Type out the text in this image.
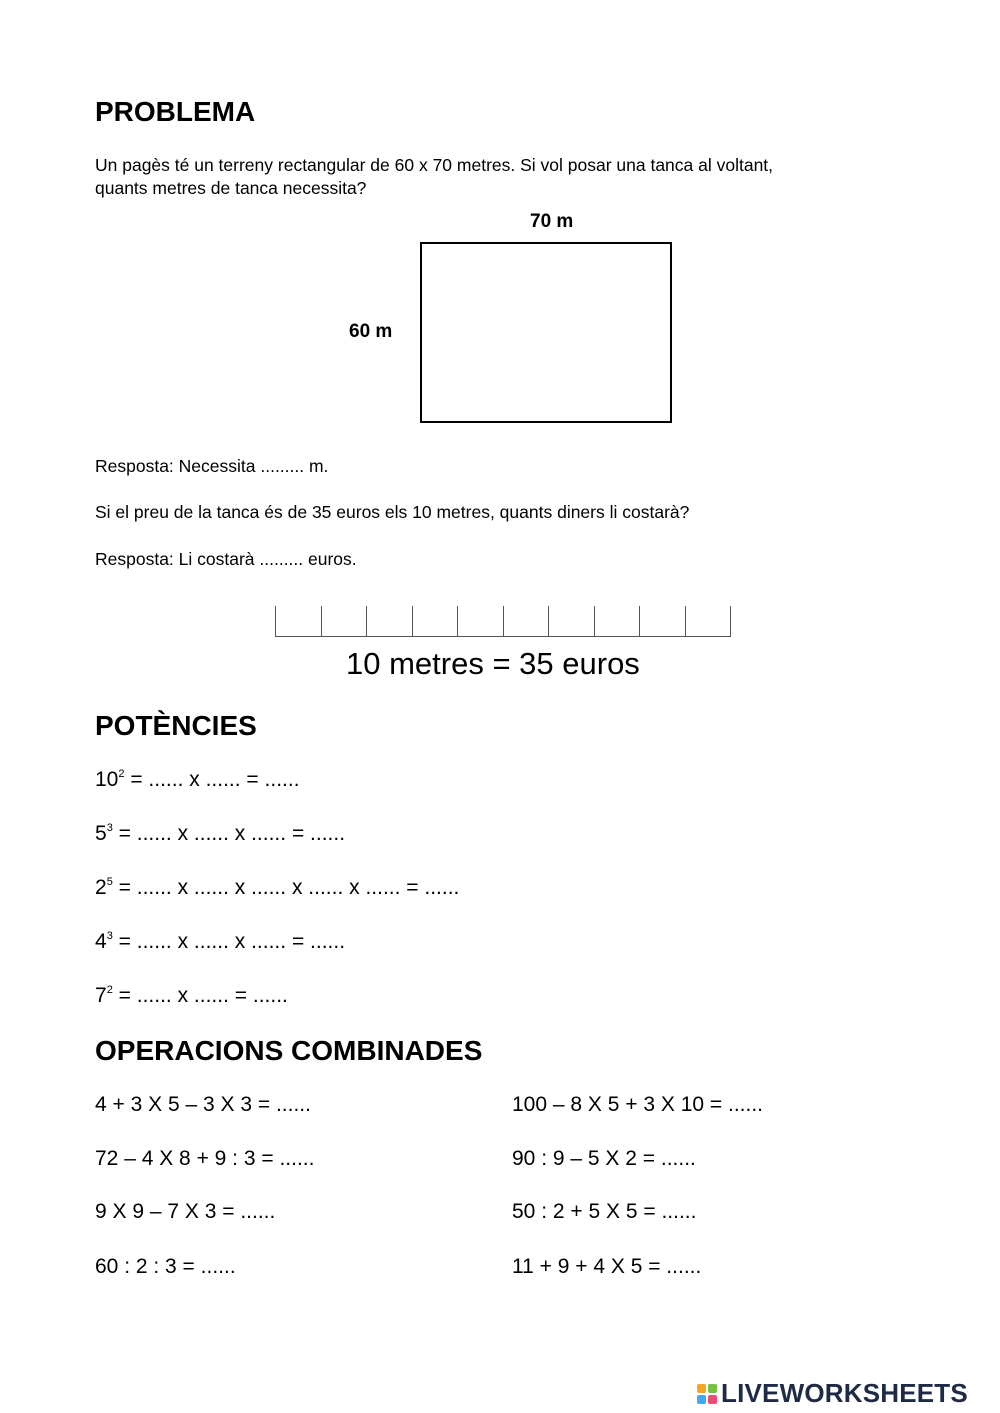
PROBLEMA
Un pagès té un terreny rectangular de 60 x 70 metres. Si vol posar una tanca al voltant,
quants metres de tanca necessita?
70 m
60 m
Resposta: Necessita ......... m.
Si el preu de la tanca és de 35 euros els 10 metres, quants diners li costarà?
Resposta: Li costarà ......... euros.
10 metres = 35 euros
POTÈNCIES
$10^2$ = ...... x ...... = ......
$5^3$ = ...... x ...... x ...... = ......
$2^5$ = ...... x ...... x ...... x ...... x ...... = ......
$4^3$ = ...... x ...... x ...... = ......
$7^2$ = ...... x ...... = ......
OPERACIONS COMBINADES
4 + 3 X 5 – 3 X 3 = ......
72 – 4 X 8 + 9 : 3 = ......
9 X 9 – 7 X 3 = ......
60 : 2 : 3 = ......
100 – 8 X 5 + 3 X 10 = ......
90 : 9 – 5 X 2 = ......
50 : 2 + 5 X 5 = ......
11 + 9 + 4 X 5 = ......
LIVEWORKSHEETS
